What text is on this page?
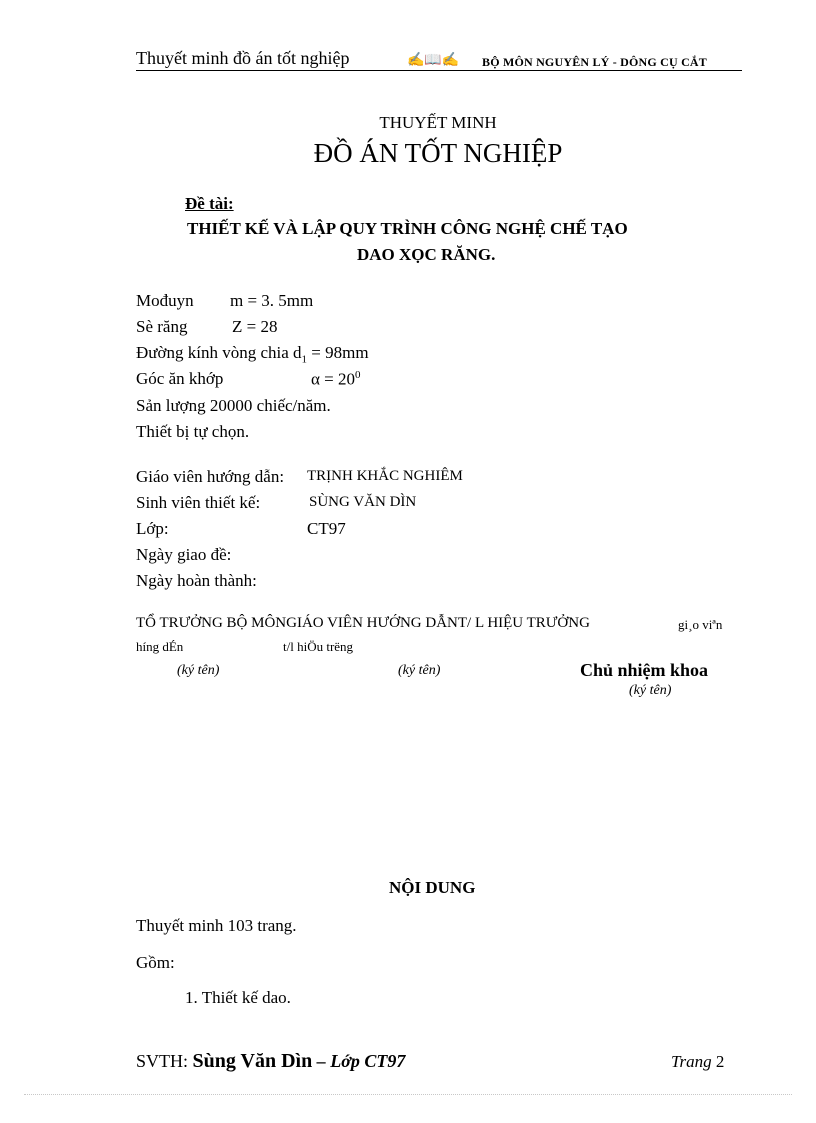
Thuyết minh đồ án tốt nghiệp	✍📖✍ BỘ MÔN NGUYÊN LÝ - DÔNG CỤ CẮT
THUYẾT MINH
ĐỒ ÁN TỐT NGHIỆP
Đề tài:
THIẾT KẾ VÀ LẬP QUY TRÌNH CÔNG NGHỆ CHẾ TẠO
DAO XỌC RĂNG.
Mođuyn m = 3. 5mm
Sè răng	Z = 28
Đường kính vòng chia $d_1 = 98mm$
Góc ăn khớp	$\alpha = 20^0$
Sản lượng 20000 chiếc/năm.
Thiết bị tự chọn.
Giáo viên hướng dẫn: TRỊNH KHẮC NGHIÊM
Sinh viên thiết kế:	SÙNG VĂN DÌN
Lớp:	CT97
Ngày giao đề:
Ngày hoàn thành:
TỔ TRƯỞNG BỘ MÔNGIÁO VIÊN HƯỚNG DẪNT/ L HIỆU TRƯỞNG	gi¸o viªn
híng dÉn	t/l hiÖu trëng
(ký tên)	(ký tên)	Chủ nhiệm khoa
(ký tên)
NỘI DUNG
Thuyết minh 103 trang.
Gồm:
1. Thiết kế dao.
SVTH: Sùng Văn Dìn – Lớp CT97	Trang 2
